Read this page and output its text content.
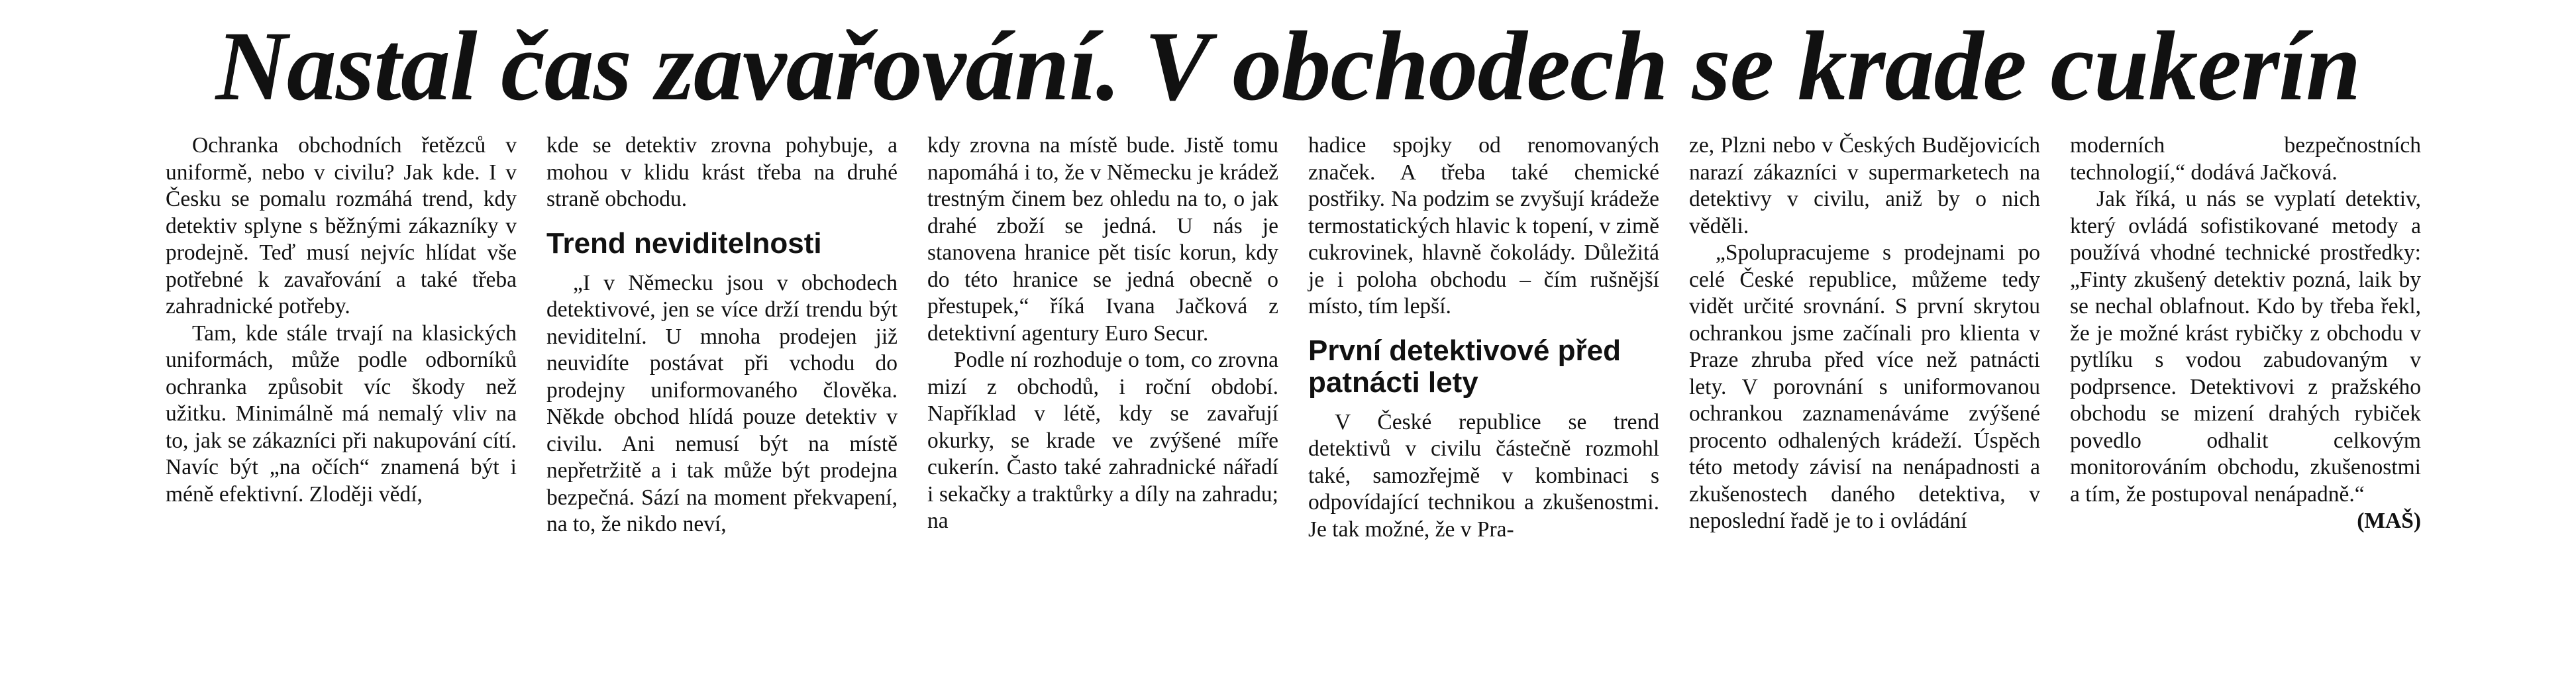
Nastal čas zavařování. V obchodech se krade cukerín

Ochranka obchodních řetězců v uniformě, nebo v civilu? Jak kde. I v Česku se pomalu rozmáhá trend, kdy detektiv splyne s běžnými zákazníky v prodejně. Teď musí nejvíc hlídat vše potřebné k zavařování a také třeba zahradnické potřeby.

Tam, kde stále trvají na klasických uniformách, může podle odborníků ochranka způsobit víc škody než užitku. Minimálně má nemalý vliv na to, jak se zákazníci při nakupování cítí. Navíc být „na očích“ znamená být i méně efektivní. Zloději vědí,

kde se detektiv zrovna pohybuje, a mohou v klidu krást třeba na druhé straně obchodu.

Trend neviditelnosti

„I v Německu jsou v obchodech detektivové, jen se více drží trendu být neviditelní. U mnoha prodejen již neuvidíte postávat při vchodu do prodejny uniformovaného člověka. Někde obchod hlídá pouze detektiv v civilu. Ani nemusí být na místě nepřetržitě a i tak může být prodejna bezpečná. Sází na moment překvapení, na to, že nikdo neví,

kdy zrovna na místě bude. Jistě tomu napomáhá i to, že v Německu je krádež trestným činem bez ohledu na to, o jak drahé zboží se jedná. U nás je stanovena hranice pět tisíc korun, kdy do této hranice se jedná obecně o přestupek,“ říká Ivana Jačková z detektivní agentury Euro Secur.

Podle ní rozhoduje o tom, co zrovna mizí z obchodů, i roční období. Například v létě, kdy se zavařují okurky, se krade ve zvýšené míře cukerín. Často také zahradnické nářadí i sekačky a traktůrky a díly na zahradu; na

hadice spojky od renomovaných značek. A třeba také chemické postřiky. Na podzim se zvyšují krádeže termostatických hlavic k topení, v zimě cukrovinek, hlavně čokolády. Důležitá je i poloha obchodu – čím rušnější místo, tím lepší.

První detektivové před patnácti lety

V České republice se trend detektivů v civilu částečně rozmohl také, samozřejmě v kombinaci s odpovídající technikou a zkušenostmi. Je tak možné, že v Pra-

ze, Plzni nebo v Českých Budějovicích narazí zákazníci v supermarketech na detektivy v civilu, aniž by o nich věděli.

„Spolupracujeme s prodejnami po celé České republice, můžeme tedy vidět určité srovnání. S první skrytou ochrankou jsme začínali pro klienta v Praze zhruba před více než patnácti lety. V porovnání s uniformovanou ochrankou zaznamenáváme zvýšené procento odhalených krádeží. Úspěch této metody závisí na nenápadnosti a zkušenostech daného detektiva, v neposlední řadě je to i ovládání

moderních bezpečnostních technologií,“ dodává Jačková.

Jak říká, u nás se vyplatí detektiv, který ovládá sofistikované metody a používá vhodné technické prostředky: „Finty zkušený detektiv pozná, laik by se nechal oblafnout. Kdo by třeba řekl, že je možné krást rybičky z obchodu v pytlíku s vodou zabudovaným v podprsence. Detektivovi z pražského obchodu se mizení drahých rybiček povedlo odhalit celkovým monitorováním obchodu, zkušenostmi a tím, že postupoval nenápadně.“
(MAŠ)
